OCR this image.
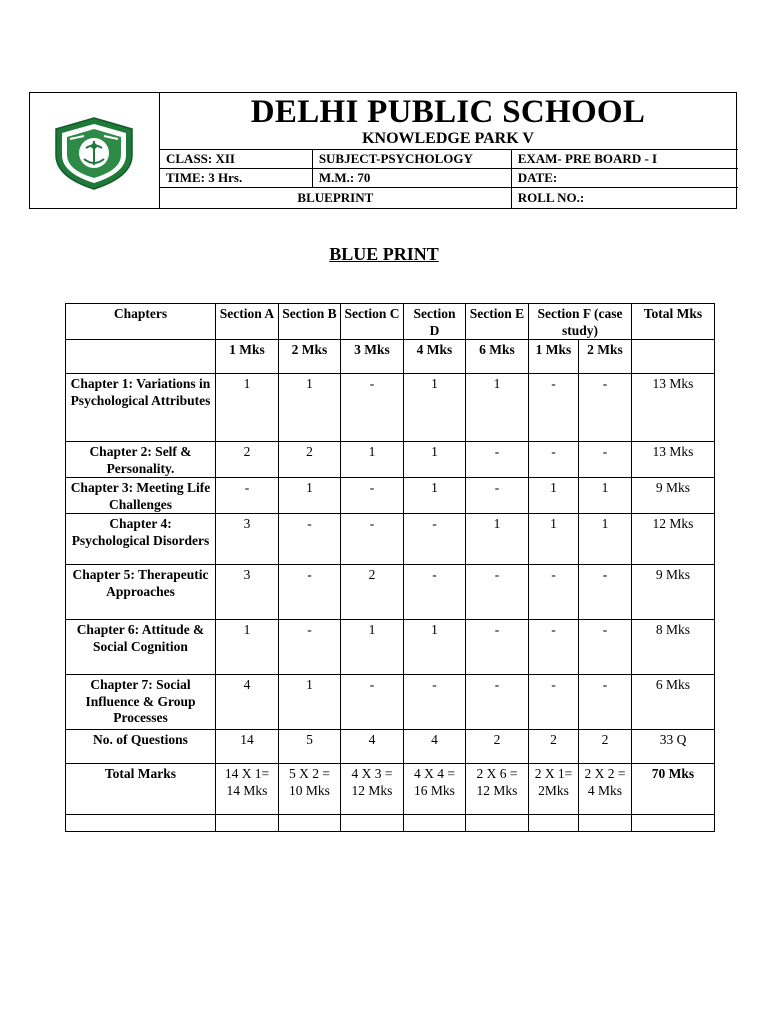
DELHI PUBLIC SCHOOL
KNOWLEDGE PARK V
CLASS: XII	SUBJECT-PSYCHOLOGY	EXAM- PRE BOARD - I
TIME: 3 Hrs.	M.M.: 70	DATE:
BLUEPRINT		ROLL NO.:
BLUE PRINT
Chapters	Section A	Section B	Section C	Section D	Section E	Section F (case study)		Total Mks
	1 Mks	2 Mks	3 Mks	4 Mks	6 Mks	1 Mks	2 Mks	
Chapter 1: Variations in Psychological Attributes	1	1	-	1	1	-	-	13 Mks
Chapter 2: Self & Personality.	2	2	1	1	-	-	-	13 Mks
Chapter 3: Meeting Life Challenges	-	1	-	1	-	1	1	9 Mks
Chapter 4: Psychological Disorders	3	-	-	-	1	1	1	12 Mks
Chapter 5: Therapeutic Approaches	3	-	2	-	-	-	-	9 Mks
Chapter 6: Attitude & Social Cognition	1	-	1	1	-	-	-	8 Mks
Chapter 7: Social Influence & Group Processes	4	1	-	-	-	-	-	6 Mks
No. of Questions	14	5	4	4	2	2	2	33 Q
Total Marks	14 X 1= 14 Mks	5 X 2 = 10 Mks	4 X 3 = 12 Mks	4 X 4 = 16 Mks	2 X 6 = 12 Mks	2 X 1= 2Mks	2 X 2 = 4 Mks	70 Mks
